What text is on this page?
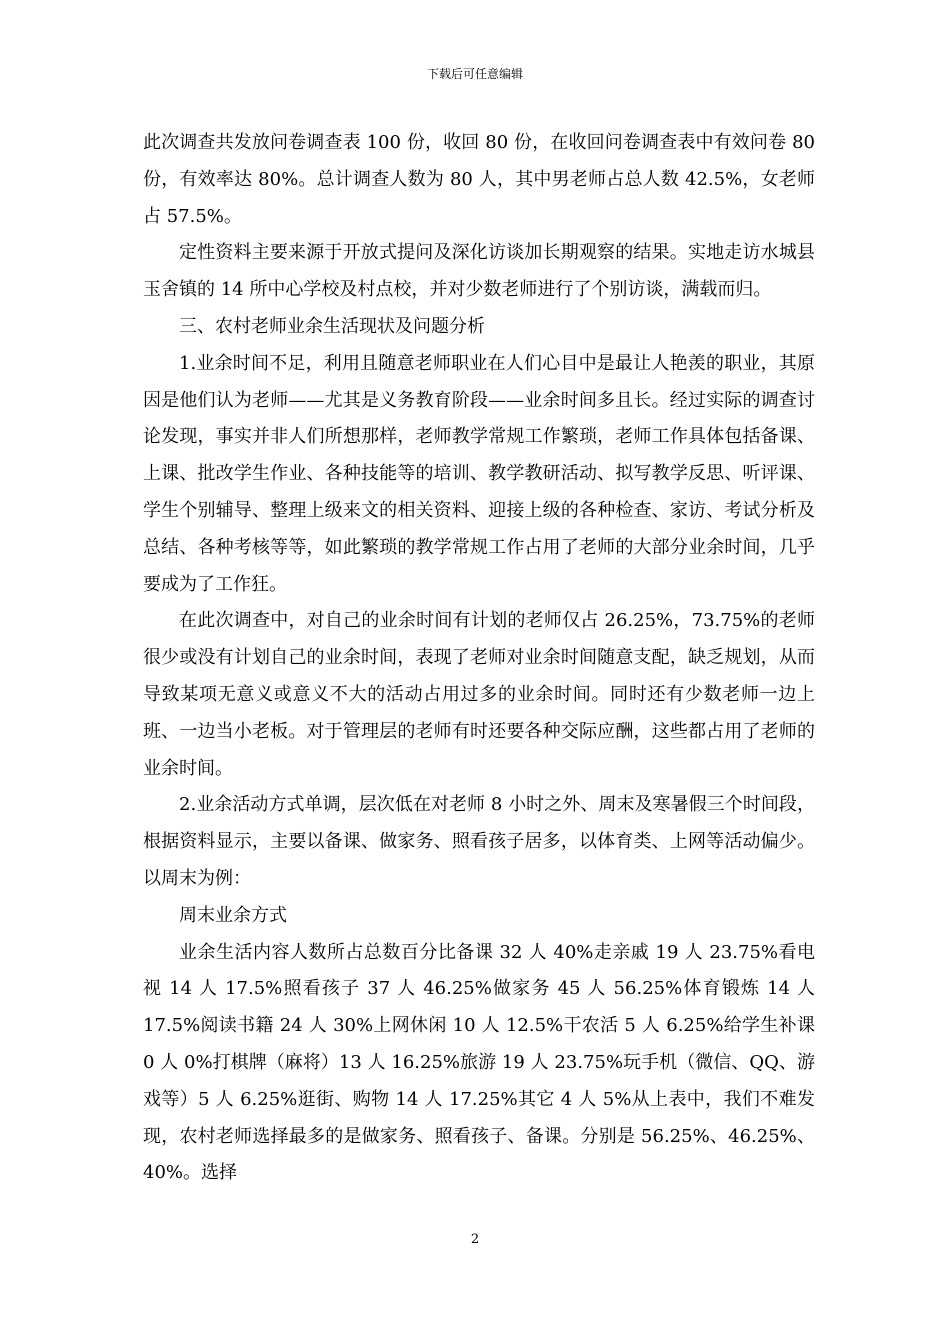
下载后可任意编辑

此次调查共发放问卷调查表 100 份，收回 80 份，在收回问卷调查表中有效问卷 80 份，有效率达 80%。总计调查人数为 80 人，其中男老师占总人数 42.5%，女老师占 57.5%。

定性资料主要来源于开放式提问及深化访谈加长期观察的结果。实地走访水城县玉舍镇的 14 所中心学校及村点校，并对少数老师进行了个别访谈，满载而归。

三、农村老师业余生活现状及问题分析

1.业余时间不足，利用且随意老师职业在人们心目中是最让人艳羡的职业，其原因是他们认为老师——尤其是义务教育阶段——业余时间多且长。经过实际的调查讨论发现，事实并非人们所想那样，老师教学常规工作繁琐，老师工作具体包括备课、上课、批改学生作业、各种技能等的培训、教学教研活动、拟写教学反思、听评课、学生个别辅导、整理上级来文的相关资料、迎接上级的各种检查、家访、考试分析及总结、各种考核等等，如此繁琐的教学常规工作占用了老师的大部分业余时间，几乎要成为了工作狂。

在此次调查中，对自己的业余时间有计划的老师仅占 26.25%，73.75%的老师很少或没有计划自己的业余时间，表现了老师对业余时间随意支配，缺乏规划，从而导致某项无意义或意义不大的活动占用过多的业余时间。同时还有少数老师一边上班、一边当小老板。对于管理层的老师有时还要各种交际应酬，这些都占用了老师的业余时间。

2.业余活动方式单调，层次低在对老师 8 小时之外、周末及寒暑假三个时间段，根据资料显示，主要以备课、做家务、照看孩子居多，以体育类、上网等活动偏少。以周末为例：

周末业余方式

业余生活内容人数所占总数百分比备课 32 人 40%走亲戚 19 人 23.75%看电视 14 人 17.5%照看孩子 37 人 46.25%做家务 45 人 56.25%体育锻炼 14 人 17.5%阅读书籍 24 人 30%上网休闲 10 人 12.5%干农活 5 人 6.25%给学生补课 0 人 0%打棋牌（麻将）13 人 16.25%旅游 19 人 23.75%玩手机（微信、QQ、游戏等）5 人 6.25%逛街、购物 14 人 17.25%其它 4 人 5%从上表中，我们不难发现，农村老师选择最多的是做家务、照看孩子、备课。分别是 56.25%、46.25%、40%。选择

2
